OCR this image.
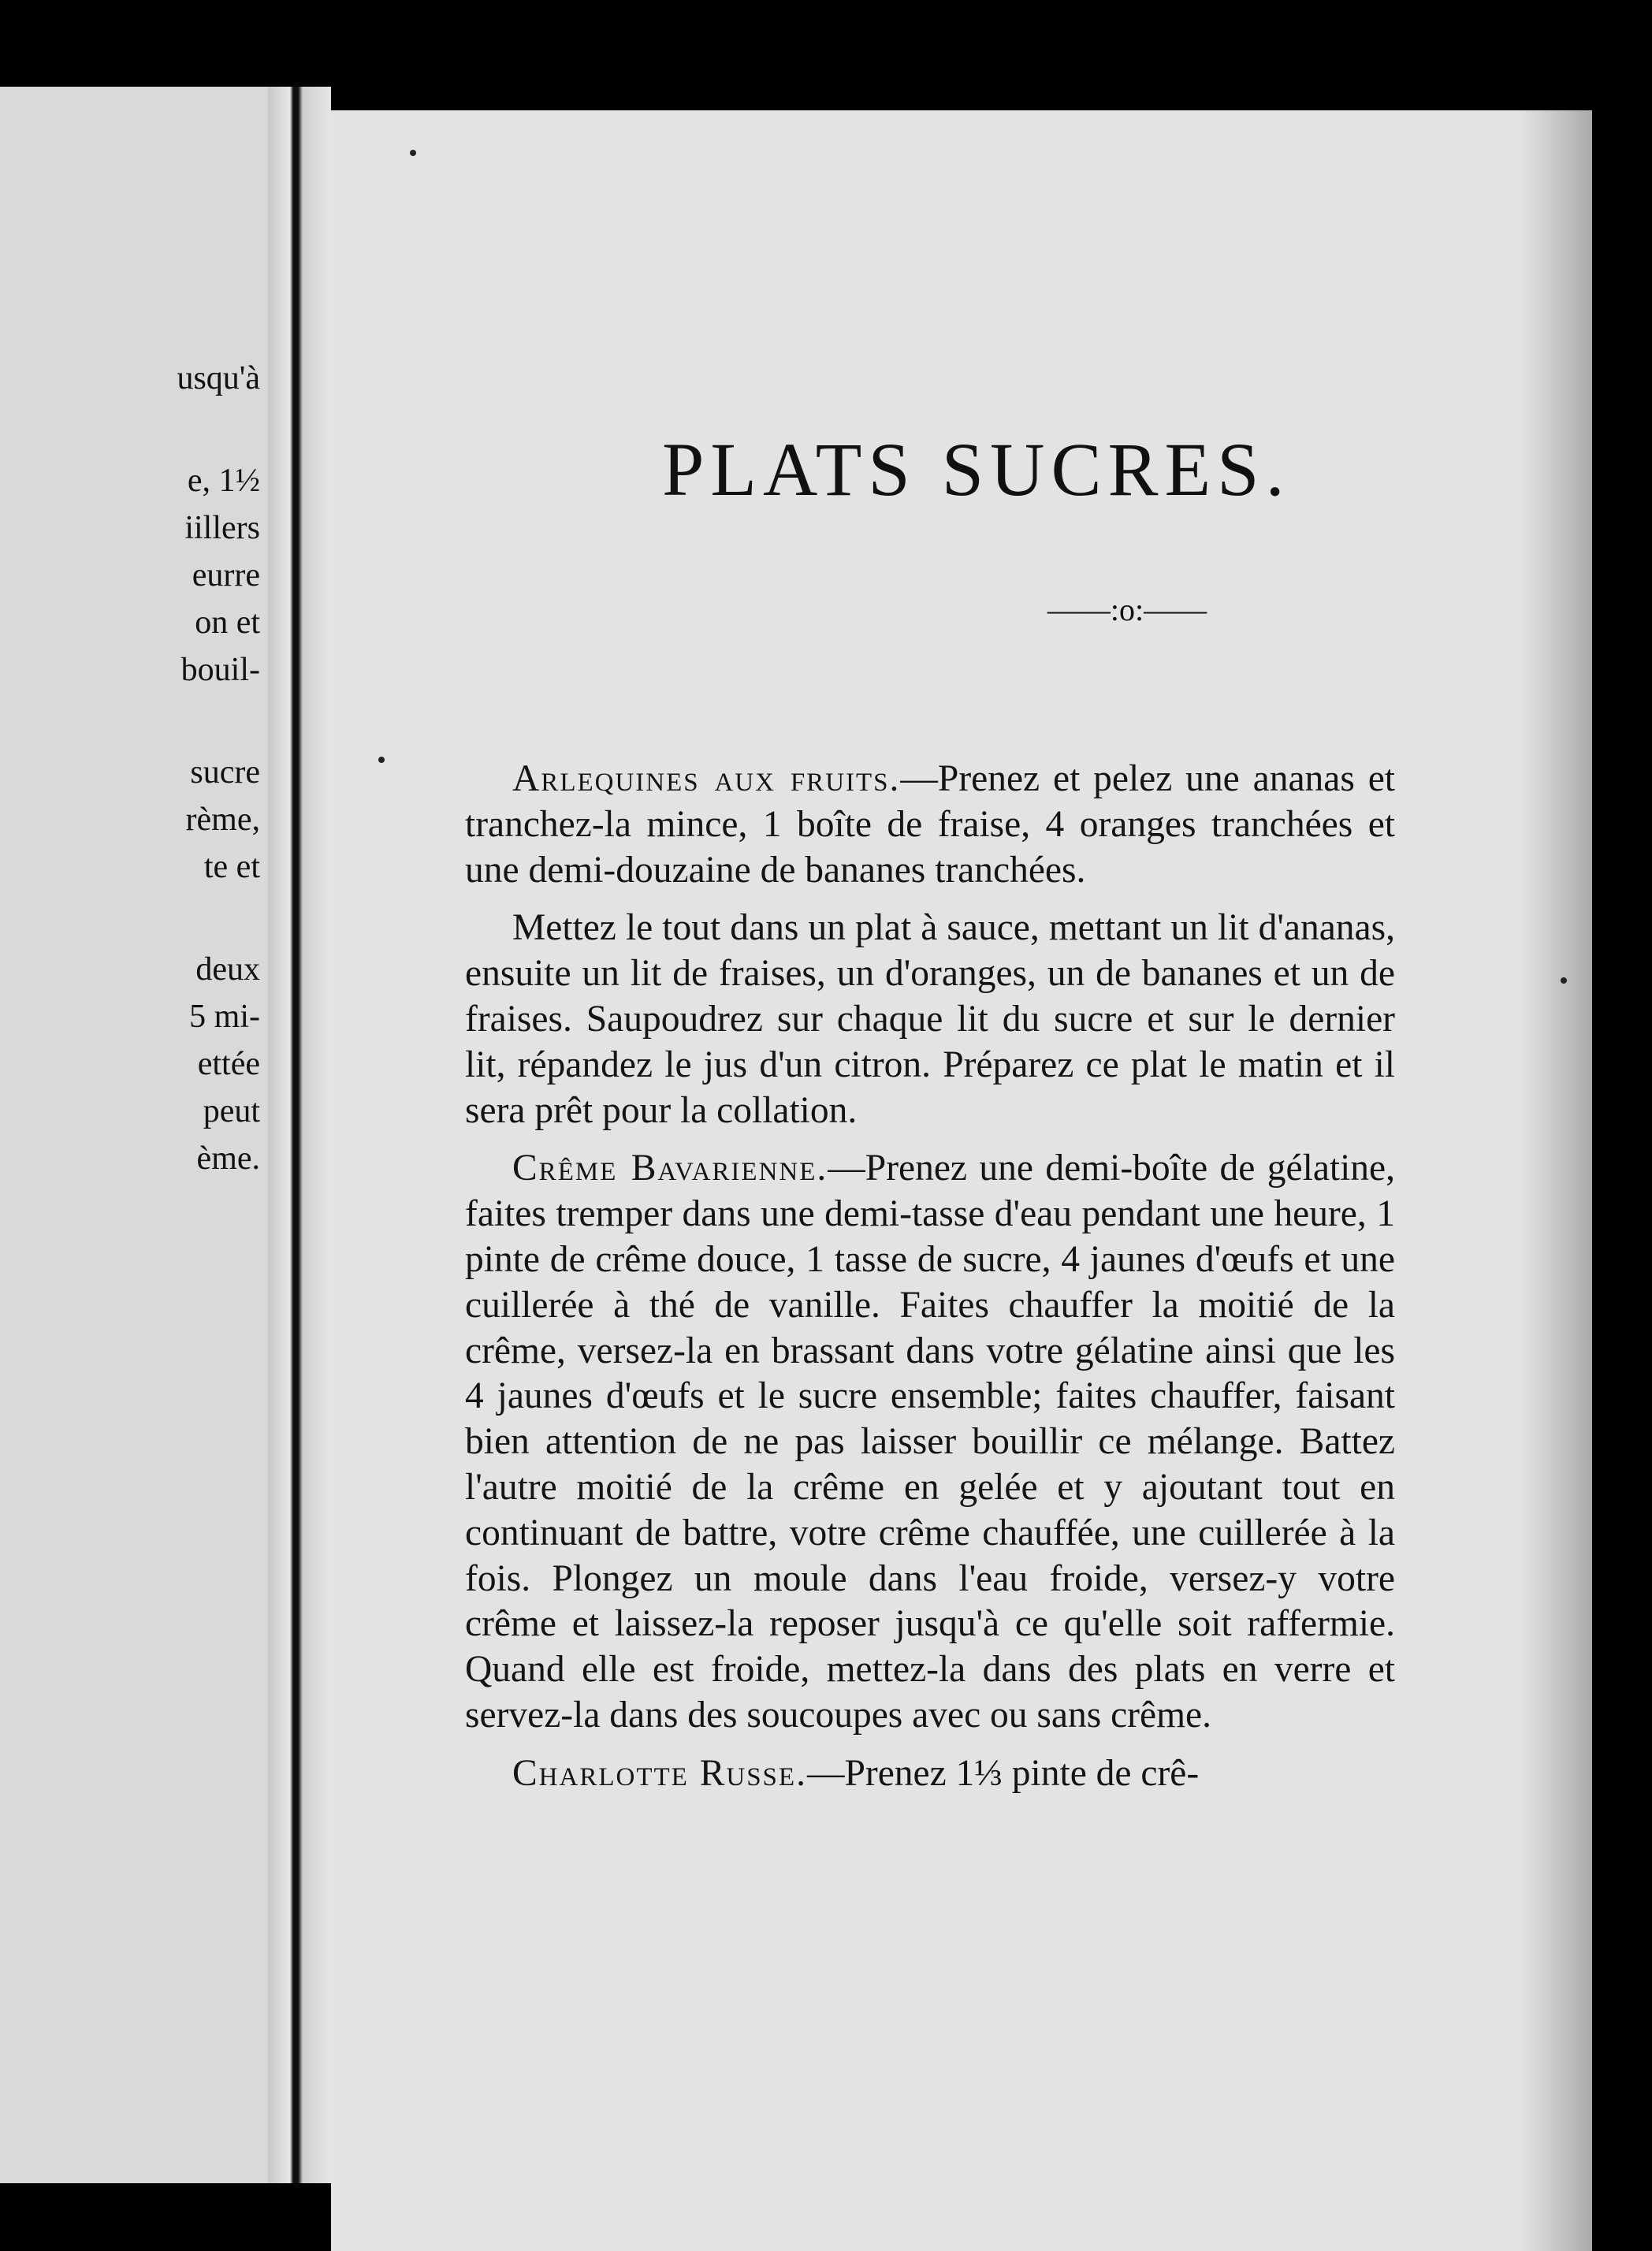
usqu'à
e, 1½
iillers
eurre
on et
bouil-
sucre
rème,
te et
deux
5 mi-
ettée
peut
ème.
PLATS SUCRES.
——:o:——

Arlequines aux fruits.—Prenez et pelez une ananas et tranchez-la mince, 1 boîte de fraise, 4 oranges tranchées et une demi-douzaine de bananes tranchées.

Mettez le tout dans un plat à sauce, mettant un lit d'ananas, ensuite un lit de fraises, un d'oranges, un de bananes et un de fraises. Saupoudrez sur chaque lit du sucre et sur le dernier lit, répandez le jus d'un citron. Préparez ce plat le matin et il sera prêt pour la collation.

Crême Bavarienne.—Prenez une demi-boîte de gélatine, faites tremper dans une demi-tasse d'eau pendant une heure, 1 pinte de crême douce, 1 tasse de sucre, 4 jaunes d'œufs et une cuillerée à thé de vanille. Faites chauffer la moitié de la crême, versez-la en brassant dans votre gélatine ainsi que les 4 jaunes d'œufs et le sucre ensemble; faites chauffer, faisant bien attention de ne pas laisser bouillir ce mélange. Battez l'autre moitié de la crême en gelée et y ajoutant tout en continuant de battre, votre crême chauffée, une cuillerée à la fois. Plongez un moule dans l'eau froide, versez-y votre crême et laissez-la reposer jusqu'à ce qu'elle soit raffermie. Quand elle est froide, mettez-la dans des plats en verre et servez-la dans des soucoupes avec ou sans crême.

Charlotte Russe.—Prenez 1⅓ pinte de crê-
